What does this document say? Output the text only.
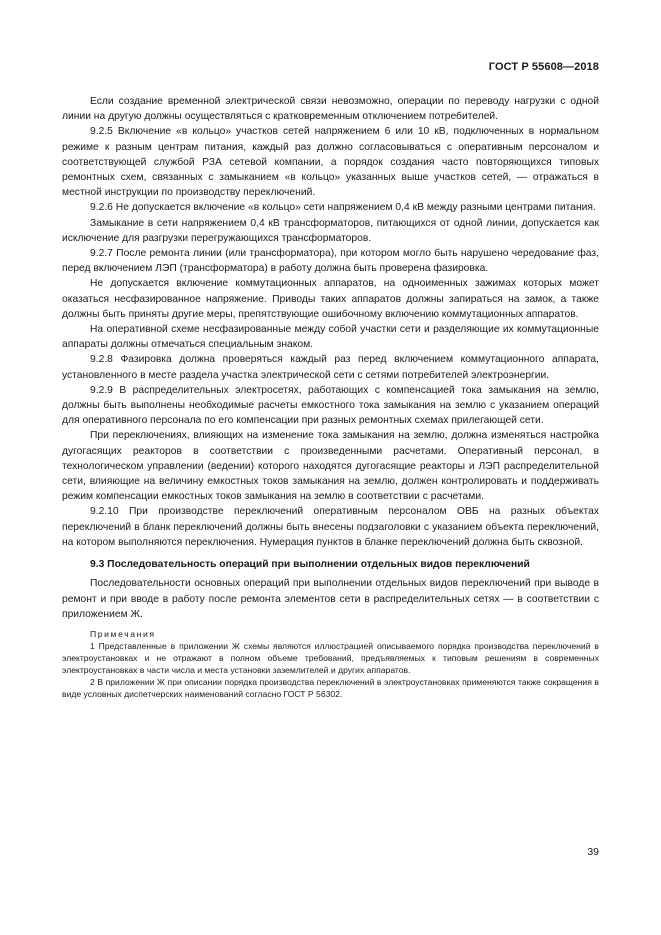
ГОСТ Р 55608—2018

Если создание временной электрической связи невозможно, операции по переводу нагрузки с одной линии на другую должны осуществляться с кратковременным отключением потребителей.

9.2.5 Включение «в кольцо» участков сетей напряжением 6 или 10 кВ, подключенных в нормальном режиме к разным центрам питания, каждый раз должно согласовываться с оперативным персоналом и соответствующей службой РЗА сетевой компании, а порядок создания часто повторяющихся типовых ремонтных схем, связанных с замыканием «в кольцо» указанных выше участков сетей, — отражаться в местной инструкции по производству переключений.

9.2.6 Не допускается включение «в кольцо» сети напряжением 0,4 кВ между разными центрами питания.

Замыкание в сети напряжением 0,4 кВ трансформаторов, питающихся от одной линии, допускается как исключение для разгрузки перегружающихся трансформаторов.

9.2.7 После ремонта линии (или трансформатора), при котором могло быть нарушено чередование фаз, перед включением ЛЭП (трансформатора) в работу должна быть проверена фазировка.

Не допускается включение коммутационных аппаратов, на одноименных зажимах которых может оказаться несфазированное напряжение. Приводы таких аппаратов должны запираться на замок, а также должны быть приняты другие меры, препятствующие ошибочному включению коммутационных аппаратов.

На оперативной схеме несфазированные между собой участки сети и разделяющие их коммутационные аппараты должны отмечаться специальным знаком.

9.2.8 Фазировка должна проверяться каждый раз перед включением коммутационного аппарата, установленного в месте раздела участка электрической сети с сетями потребителей электроэнергии.

9.2.9 В распределительных электросетях, работающих с компенсацией тока замыкания на землю, должны быть выполнены необходимые расчеты емкостного тока замыкания на землю с указанием операций для оперативного персонала по его компенсации при разных ремонтных схемах прилегающей сети.

При переключениях, влияющих на изменение тока замыкания на землю, должна изменяться настройка дугогасящих реакторов в соответствии с произведенными расчетами. Оперативный персонал, в технологическом управлении (ведении) которого находятся дугогасящие реакторы и ЛЭП распределительной сети, влияющие на величину емкостных токов замыкания на землю, должен контролировать и поддерживать режим компенсации емкостных токов замыкания на землю в соответствии с расчетами.

9.2.10 При производстве переключений оперативным персоналом ОВБ на разных объектах переключений в бланк переключений должны быть внесены подзаголовки с указанием объекта переключений, на котором выполняются переключения. Нумерация пунктов в бланке переключений должна быть сквозной.

9.3 Последовательность операций при выполнении отдельных видов переключений

Последовательности основных операций при выполнении отдельных видов переключений при выводе в ремонт и при вводе в работу после ремонта элементов сети в распределительных сетях — в соответствии с приложением Ж.

Примечания

1 Представленные в приложении Ж схемы являются иллюстрацией описываемого порядка производства переключений в электроустановках и не отражают в полном объеме требований, предъявляемых к типовым решениям в современных электроустановках в части числа и места установки заземлителей и других аппаратов.

2 В приложении Ж при описании порядка производства переключений в электроустановках применяются также сокращения в виде условных диспетчерских наименований согласно ГОСТ Р 56302.

39
